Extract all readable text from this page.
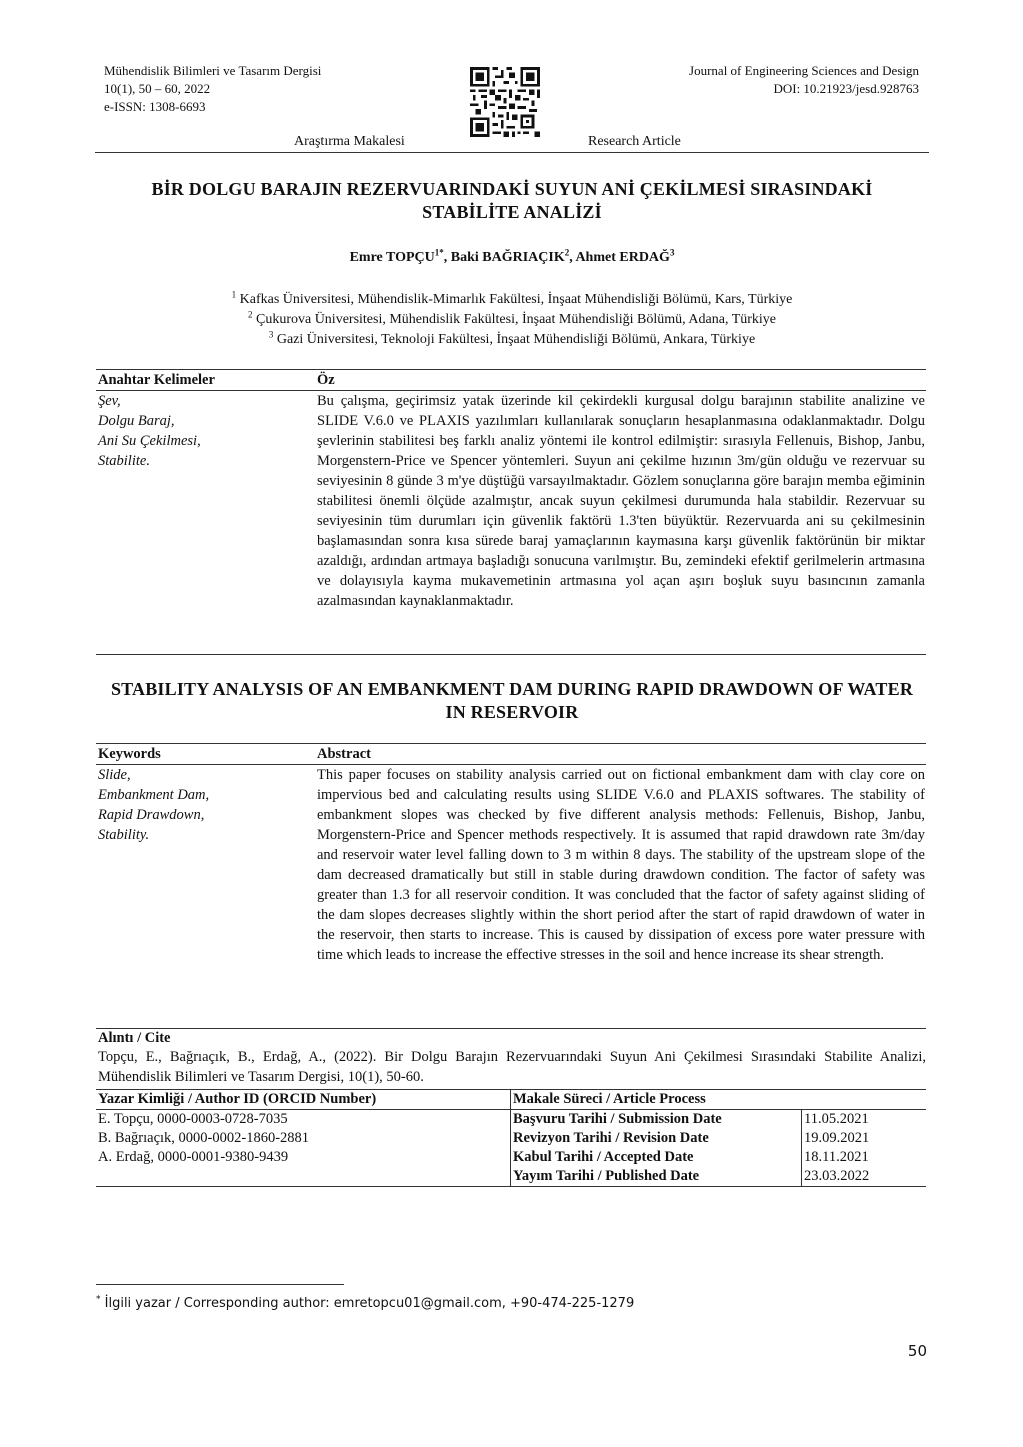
Mühendislik Bilimleri ve Tasarım Dergisi
10(1), 50 – 60, 2022
e-ISSN: 1308-6693
Journal of Engineering Sciences and Design
DOI: 10.21923/jesd.928763
Araştırma Makalesi	Research Article
BİR DOLGU BARAJIN REZERVUARINDAKİ SUYUN ANİ ÇEKİLMESİ SIRASINDAKİ STABİLİTE ANALİZİ
Emre $TOPÇU^{1*}$, Baki BAĞRIAÇIK$^2$, Ahmet ERDAĞ$^3$
$^1$ Kafkas Üniversitesi, Mühendislik-Mimarlık Fakültesi, İnşaat Mühendisliği Bölümü, Kars, Türkiye
$^2$ Çukurova Üniversitesi, Mühendislik Fakültesi, İnşaat Mühendisliği Bölümü, Adana, Türkiye
$^3$ Gazi Üniversitesi, Teknoloji Fakültesi, İnşaat Mühendisliği Bölümü, Ankara, Türkiye
Anahtar Kelimeler	Öz
Şev,
Dolgu Baraj,
Ani Su Çekilmesi,
Stabilite.
Bu çalışma, geçirimsiz yatak üzerinde kil çekirdekli kurgusal dolgu barajının stabilite analizine ve SLIDE V.6.0 ve PLAXIS yazılımları kullanılarak sonuçların hesaplanmasına odaklanmaktadır. Dolgu şevlerinin stabilitesi beş farklı analiz yöntemi ile kontrol edilmiştir: sırasıyla Fellenuis, Bishop, Janbu, Morgenstern-Price ve Spencer yöntemleri. Suyun ani çekilme hızının 3m/gün olduğu ve rezervuar su seviyesinin 8 günde 3 m'ye düştüğü varsayılmaktadır. Gözlem sonuçlarına göre barajın memba eğiminin stabilitesi önemli ölçüde azalmıştır, ancak suyun çekilmesi durumunda hala stabildir. Rezervuar su seviyesinin tüm durumları için güvenlik faktörü 1.3'ten büyüktür. Rezervuarda ani su çekilmesinin başlamasından sonra kısa sürede baraj yamaçlarının kaymasına karşı güvenlik faktörünün bir miktar azaldığı, ardından artmaya başladığı sonucuna varılmıştır. Bu, zemindeki efektif gerilmelerin artmasına ve dolayısıyla kayma mukavemetinin artmasına yol açan aşırı boşluk suyu basıncının zamanla azalmasından kaynaklanmaktadır.
STABILITY ANALYSIS OF AN EMBANKMENT DAM DURING RAPID DRAWDOWN OF WATER IN RESERVOIR
Keywords	Abstract
Slide,
Embankment Dam,
Rapid Drawdown,
Stability.
This paper focuses on stability analysis carried out on fictional embankment dam with clay core on impervious bed and calculating results using SLIDE V.6.0 and PLAXIS softwares. The stability of embankment slopes was checked by five different analysis methods: Fellenuis, Bishop, Janbu, Morgenstern-Price and Spencer methods respectively. It is assumed that rapid drawdown rate 3m/day and reservoir water level falling down to 3 m within 8 days. The stability of the upstream slope of the dam decreased dramatically but still in stable during drawdown condition. The factor of safety was greater than 1.3 for all reservoir condition. It was concluded that the factor of safety against sliding of the dam slopes decreases slightly within the short period after the start of rapid drawdown of water in the reservoir, then starts to increase. This is caused by dissipation of excess pore water pressure with time which leads to increase the effective stresses in the soil and hence increase its shear strength.
Alıntı / Cite
Topçu, E., Bağrıaçık, B., Erdağ, A., (2022). Bir Dolgu Barajın Rezervuarındaki Suyun Ani Çekilmesi Sırasındaki Stabilite Analizi, Mühendislik Bilimleri ve Tasarım Dergisi, 10(1), 50-60.
Yazar Kimliği / Author ID (ORCID Number)	Makale Süreci / Article Process	
E. Topçu, 0000-0003-0728-7035	Başvuru Tarihi / Submission Date	11.05.2021
B. Bağrıaçık, 0000-0002-1860-2881	Revizyon Tarihi / Revision Date	19.09.2021
A. Erdağ, 0000-0001-9380-9439	Kabul Tarihi / Accepted Date	18.11.2021
	Yayım Tarihi / Published Date	23.03.2022
* İlgili yazar / Corresponding author: emretopcu01@gmail.com, +90-474-225-1279
50
